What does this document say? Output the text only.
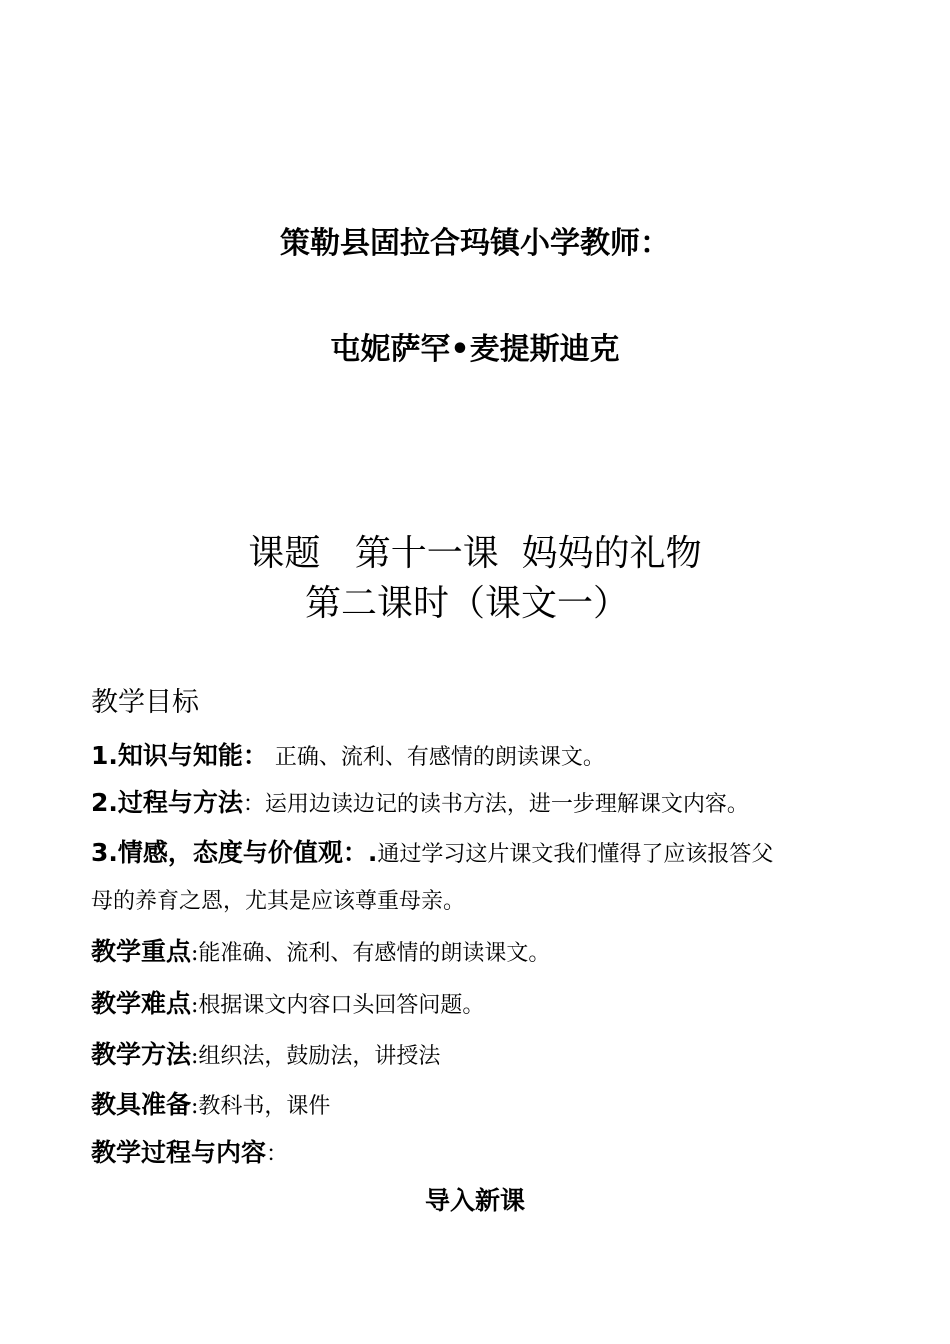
策勒县固拉合玛镇小学教师：
屯妮萨罕•麦提斯迪克
课题   第十一课  妈妈的礼物
第二课时（课文一）
教学目标
1.知识与知能： 正确、流利、有感情的朗读课文。
2.过程与方法：运用边读边记的读书方法，进一步理解课文内容。
3.情感，态度与价值观：.通过学习这片课文我们懂得了应该报答父
母的养育之恩，尤其是应该尊重母亲。
教学重点:能准确、流利、有感情的朗读课文。
教学难点:根据课文内容口头回答问题。
教学方法:组织法，鼓励法，讲授法
教具准备:教科书，课件
教学过程与内容：
导入新课
